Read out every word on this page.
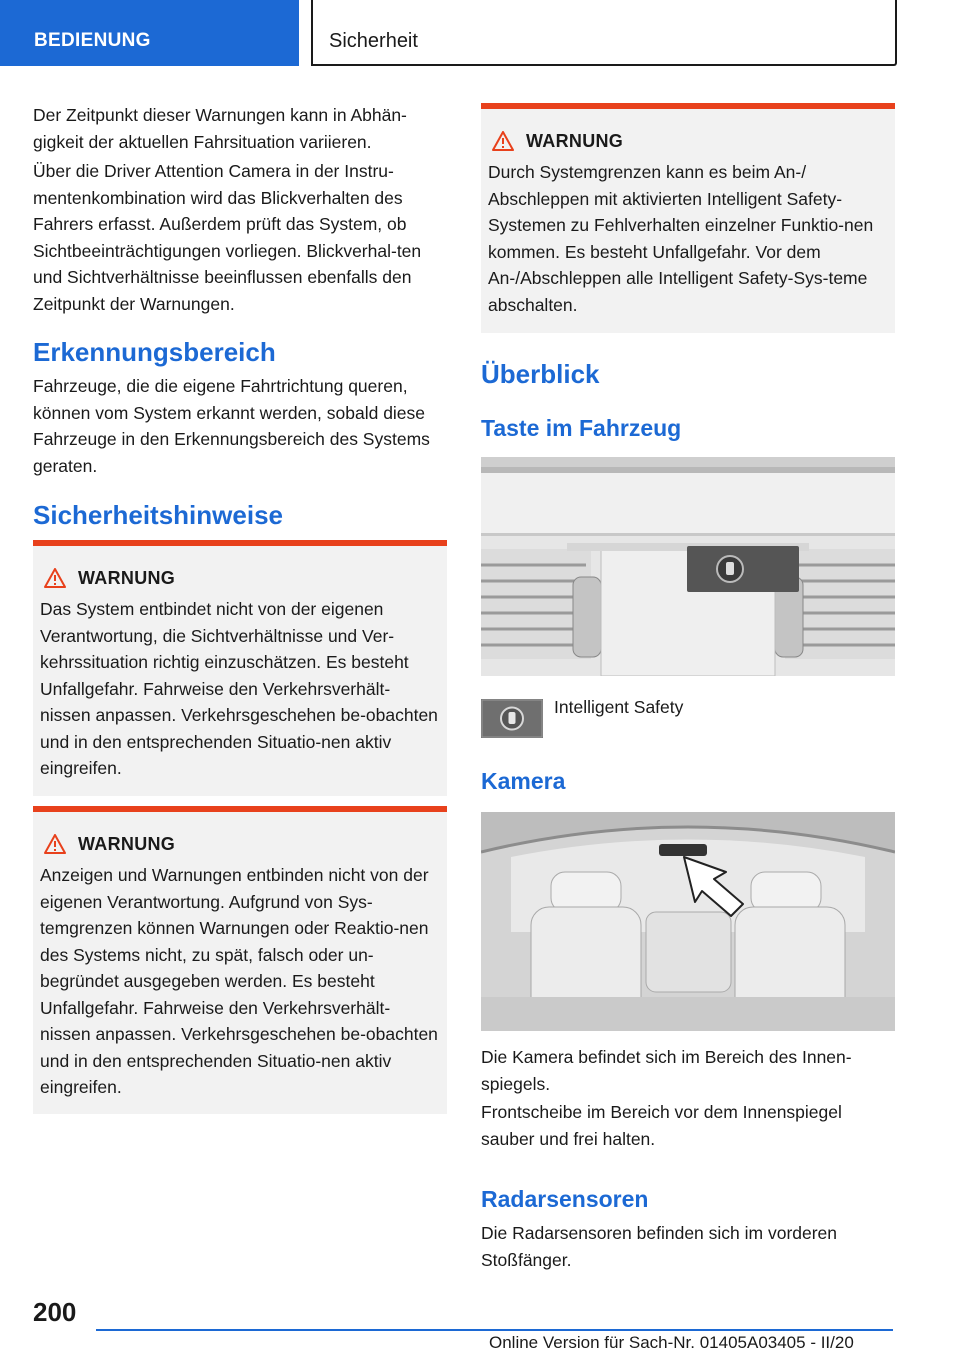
BEDIENUNG	Sicherheit

Der Zeitpunkt dieser Warnungen kann in Abhän-gigkeit der aktuellen Fahrsituation variieren.

Über die Driver Attention Camera in der Instru-mentenkombination wird das Blickverhalten des Fahrers erfasst. Außerdem prüft das System, ob Sichtbeeinträchtigungen vorliegen. Blickverhal-ten und Sichtverhältnisse beeinflussen ebenfalls den Zeitpunkt der Warnungen.

Erkennungsbereich

Fahrzeuge, die die eigene Fahrtrichtung queren, können vom System erkannt werden, sobald diese Fahrzeuge in den Erkennungsbereich des Systems geraten.

Sicherheitshinweise
WARNUNG

Das System entbindet nicht von der eigenen Verantwortung, die Sichtverhältnisse und Ver-kehrssituation richtig einzuschätzen. Es besteht Unfallgefahr. Fahrweise den Verkehrsverhält-nissen anpassen. Verkehrsgeschehen be-obachten und in den entsprechenden Situatio-nen aktiv eingreifen.

WARNUNG

Anzeigen und Warnungen entbinden nicht von der eigenen Verantwortung. Aufgrund von Sys-temgrenzen können Warnungen oder Reaktio-nen des Systems nicht, zu spät, falsch oder un-begründet ausgegeben werden. Es besteht Unfallgefahr. Fahrweise den Verkehrsverhält-nissen anpassen. Verkehrsgeschehen be-obachten und in den entsprechenden Situatio-nen aktiv eingreifen.

WARNUNG

Durch Systemgrenzen kann es beim An-/ Abschleppen mit aktivierten Intelligent Safety-Systemen zu Fehlverhalten einzelner Funktio-nen kommen. Es besteht Unfallgefahr. Vor dem An-/Abschleppen alle Intelligent Safety-Sys-teme abschalten.

Überblick
Taste im Fahrzeug

Intelligent Safety

Kamera

Die Kamera befindet sich im Bereich des Innen-spiegels.

Frontscheibe im Bereich vor dem Innenspiegel sauber und frei halten.

Radarsensoren

Die Radarsensoren befinden sich im vorderen Stoßfänger.

200
Online Version für Sach-Nr. 01405A03405 - II/20
